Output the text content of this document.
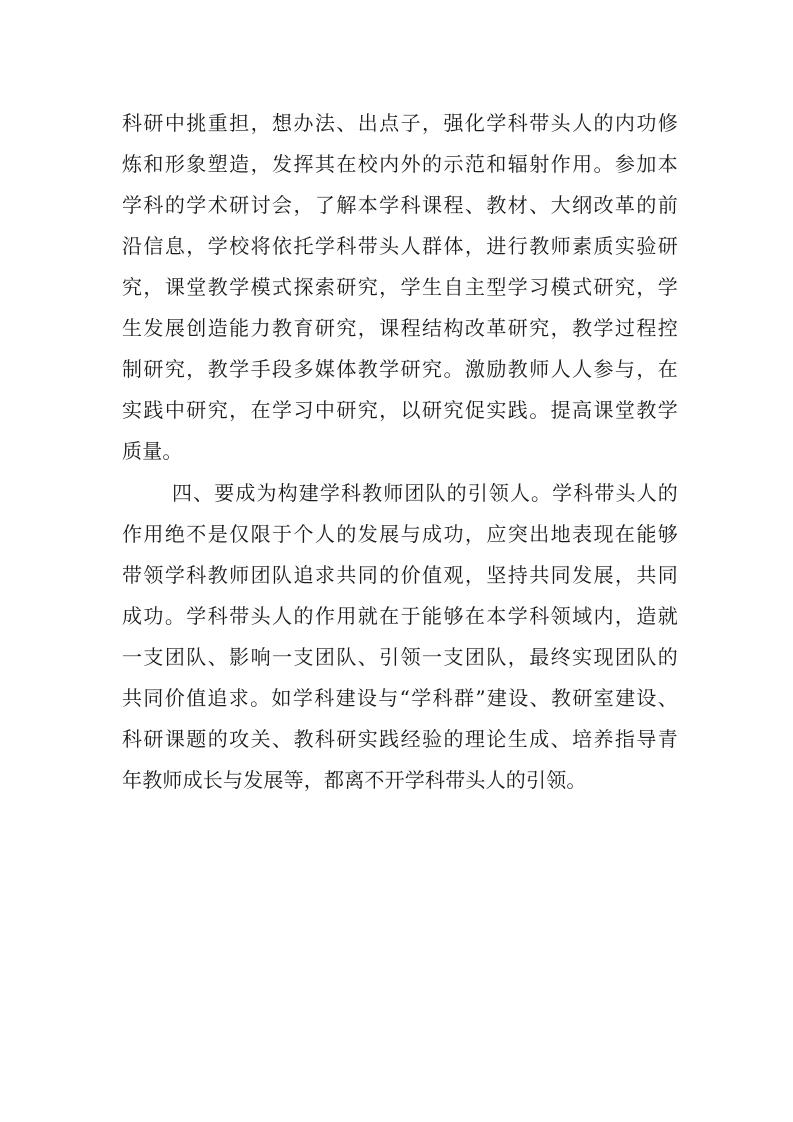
科研中挑重担，想办法、出点子，强化学科带头人的内功修
炼和形象塑造，发挥其在校内外的示范和辐射作用。参加本
学科的学术研讨会，了解本学科课程、教材、大纲改革的前
沿信息，学校将依托学科带头人群体，进行教师素质实验研
究，课堂教学模式探索研究，学生自主型学习模式研究，学
生发展创造能力教育研究，课程结构改革研究，教学过程控
制研究，教学手段多媒体教学研究。激励教师人人参与，在
实践中研究，在学习中研究，以研究促实践。提高课堂教学
质量。
四、要成为构建学科教师团队的引领人。学科带头人的
作用绝不是仅限于个人的发展与成功，应突出地表现在能够
带领学科教师团队追求共同的价值观，坚持共同发展，共同
成功。学科带头人的作用就在于能够在本学科领域内，造就
一支团队、影响一支团队、引领一支团队，最终实现团队的
共同价值追求。如学科建设与“学科群”建设、教研室建设、
科研课题的攻关、教科研实践经验的理论生成、培养指导青
年教师成长与发展等，都离不开学科带头人的引领。
